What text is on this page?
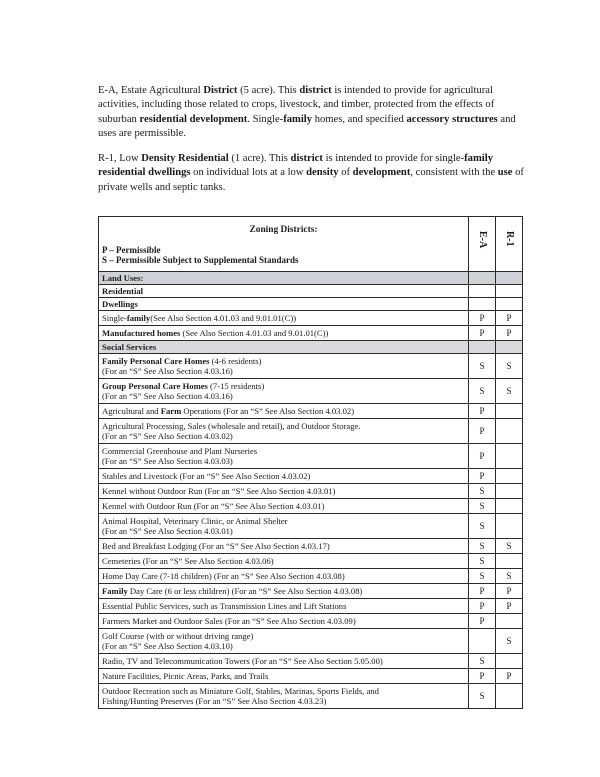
E-A, Estate Agricultural District (5 acre). This district is intended to provide for agricultural activities, including those related to crops, livestock, and timber, protected from the effects of suburban residential development. Single-family homes, and specified accessory structures and uses are permissible.
R-1, Low Density Residential (1 acre). This district is intended to provide for single-family residential dwellings on individual lots at a low density of development, consistent with the use of private wells and septic tanks.
Zoning Districts:
P – Permissible
S – Permissible Subject to Supplemental Standards	E-A	R-1

Land Uses:		
Residential		
Dwellings		
Single-family(See Also Section 4.01.03 and 9.01.01(C))	P	P
Manufactured homes (See Also Section 4.01.03 and 9.01.01(C))	P	P
Social Services		
Family Personal Care Homes (4-6 residents)
(For an “S” See Also Section 4.03.16)	S	S
Group Personal Care Homes (7-15 residents)
(For an “S” See Also Section 4.03.16)	S	S
Agricultural and Farm Operations (For an “S” See Also Section 4.03.02)	P	
Agricultural Processing, Sales (wholesale and retail), and Outdoor Storage.
(For an “S” See Also Section 4.03.02)	P	
Commercial Greenhouse and Plant Nurseries
(For an “S” See Also Section 4.03.03)	P	
Stables and Livestock (For an “S” See Also Section 4.03.02)	P	
Kennel without Outdoor Run (For an “S” See Also Section 4.03.01)	S	
Kennel with Outdoor Run (For an “S” See Also Section 4.03.01)	S	
Animal Hospital, Veterinary Clinic, or Animal Shelter
(For an “S” See Also Section 4.03.01)	S	
Bed and Breakfast Lodging (For an “S” See Also Section 4.03.17)	S	S
Cemeteries (For an “S” See Also Section 4.03.06)	S	
Home Day Care (7-18 children) (For an “S” See Also Section 4.03.08)	S	S
Family Day Care (6 or less children) (For an “S” See Also Section 4.03.08)	P	P
Essential Public Services, such as Transmission Lines and Lift Stations	P	P
Farmers Market and Outdoor Sales (For an “S” See Also Section 4.03.09)	P	
Golf Course (with or without driving range)
(For an “S” See Also Section 4.03.10)		S
Radio, TV and Telecommunication Towers (For an “S” See Also Section 5.05.00)	S	
Nature Facilities, Picnic Areas, Parks, and Trails	P	P
Outdoor Recreation such as Miniature Golf, Stables, Marinas, Sports Fields, and
Fishing/Hunting Preserves (For an “S” See Also Section 4.03.23)	S	
